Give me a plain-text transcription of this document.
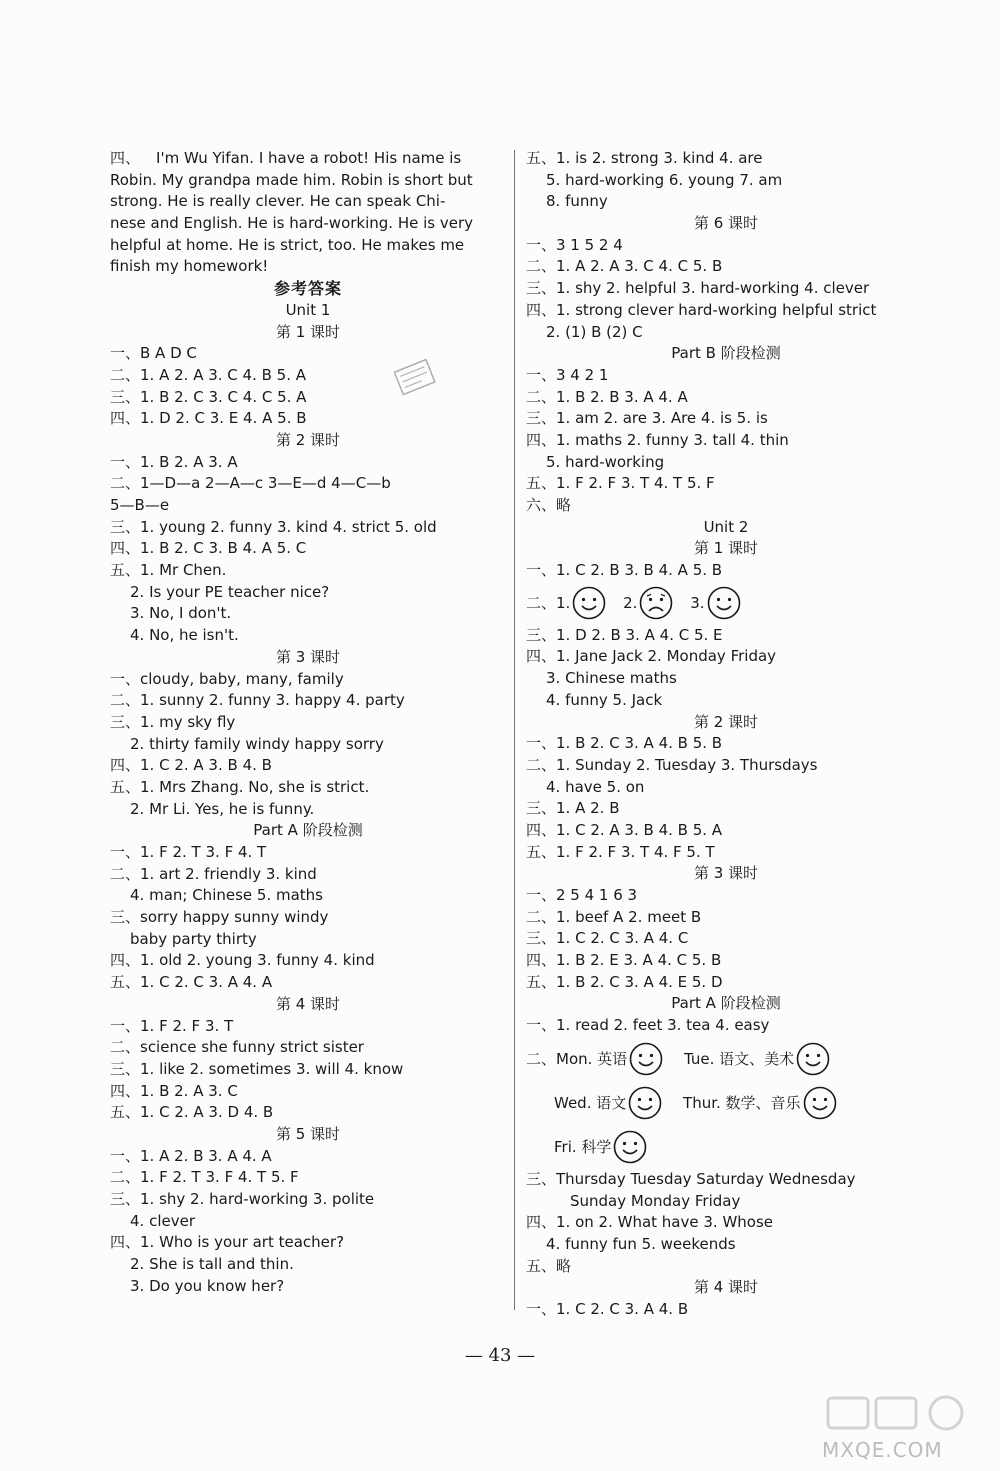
四、 I'm Wu Yifan. I have a robot! His name is
Robin. My grandpa made him. Robin is short but
strong. He is really clever. He can speak Chi-
nese and English. He is hard-working. He is very
helpful at home. He is strict, too. He makes me
finish my homework!
参考答案
Unit 1
第 1 课时
一、B A D C
二、1. A 2. A 3. C 4. B 5. A
三、1. B 2. C 3. C 4. C 5. A
四、1. D 2. C 3. E 4. A 5. B
第 2 课时
一、1. B 2. A 3. A
二、1—D—a 2—A—c 3—E—d 4—C—b
5—B—e
三、1. young 2. funny 3. kind 4. strict 5. old
四、1. B 2. C 3. B 4. A 5. C
五、1. Mr Chen.
2. Is your PE teacher nice?
3. No, I don't.
4. No, he isn't.
第 3 课时
一、cloudy, baby, many, family
二、1. sunny 2. funny 3. happy 4. party
三、1. my sky fly
2. thirty family windy happy sorry
四、1. C 2. A 3. B 4. B
五、1. Mrs Zhang. No, she is strict.
2. Mr Li. Yes, he is funny.
Part A 阶段检测
一、1. F 2. T 3. F 4. T
二、1. art 2. friendly 3. kind
4. man; Chinese 5. maths
三、sorry happy sunny windy
baby party thirty
四、1. old 2. young 3. funny 4. kind
五、1. C 2. C 3. A 4. A
第 4 课时
一、1. F 2. F 3. T
二、science she funny strict sister
三、1. like 2. sometimes 3. will 4. know
四、1. B 2. A 3. C
五、1. C 2. A 3. D 4. B
第 5 课时
一、1. A 2. B 3. A 4. A
二、1. F 2. T 3. F 4. T 5. F
三、1. shy 2. hard-working 3. polite
4. clever
四、1. Who is your art teacher?
2. She is tall and thin.
3. Do you know her?
五、1. is 2. strong 3. kind 4. are
5. hard-working 6. young 7. am
8. funny
第 6 课时
一、3 1 5 2 4
二、1. A 2. A 3. C 4. C 5. B
三、1. shy 2. helpful 3. hard-working 4. clever
四、1. strong clever hard-working helpful strict
2. (1) B (2) C
Part B 阶段检测
一、3 4 2 1
二、1. B 2. B 3. A 4. A
三、1. am 2. are 3. Are 4. is 5. is
四、1. maths 2. funny 3. tall 4. thin
5. hard-working
五、1. F 2. F 3. T 4. T 5. F
六、略
Unit 2
第 1 课时
一、1. C 2. B 3. B 4. A 5. B
二、1.	2.	3.
三、1. D 2. B 3. A 4. C 5. E
四、1. Jane Jack 2. Monday Friday
3. Chinese maths
4. funny 5. Jack
第 2 课时
一、1. B 2. C 3. A 4. B 5. B
二、1. Sunday 2. Tuesday 3. Thursdays
4. have 5. on
三、1. A 2. B
四、1. C 2. A 3. B 4. B 5. A
五、1. F 2. F 3. T 4. F 5. T
第 3 课时
一、2 5 4 1 6 3
二、1. beef A 2. meet B
三、1. C 2. C 3. A 4. C
四、1. B 2. E 3. A 4. C 5. B
五、1. B 2. C 3. A 4. E 5. D
Part A 阶段检测
一、1. read 2. feet 3. tea 4. easy
二、Mon. 英语	Tue. 语文、美术
Wed. 语文	Thur. 数学、音乐
Fri. 科学
三、Thursday Tuesday Saturday Wednesday
Sunday Monday Friday
四、1. on 2. What have 3. Whose
4. funny fun 5. weekends
五、略
第 4 课时
一、1. C 2. C 3. A 4. B
— 43 —
MXQE.COM
